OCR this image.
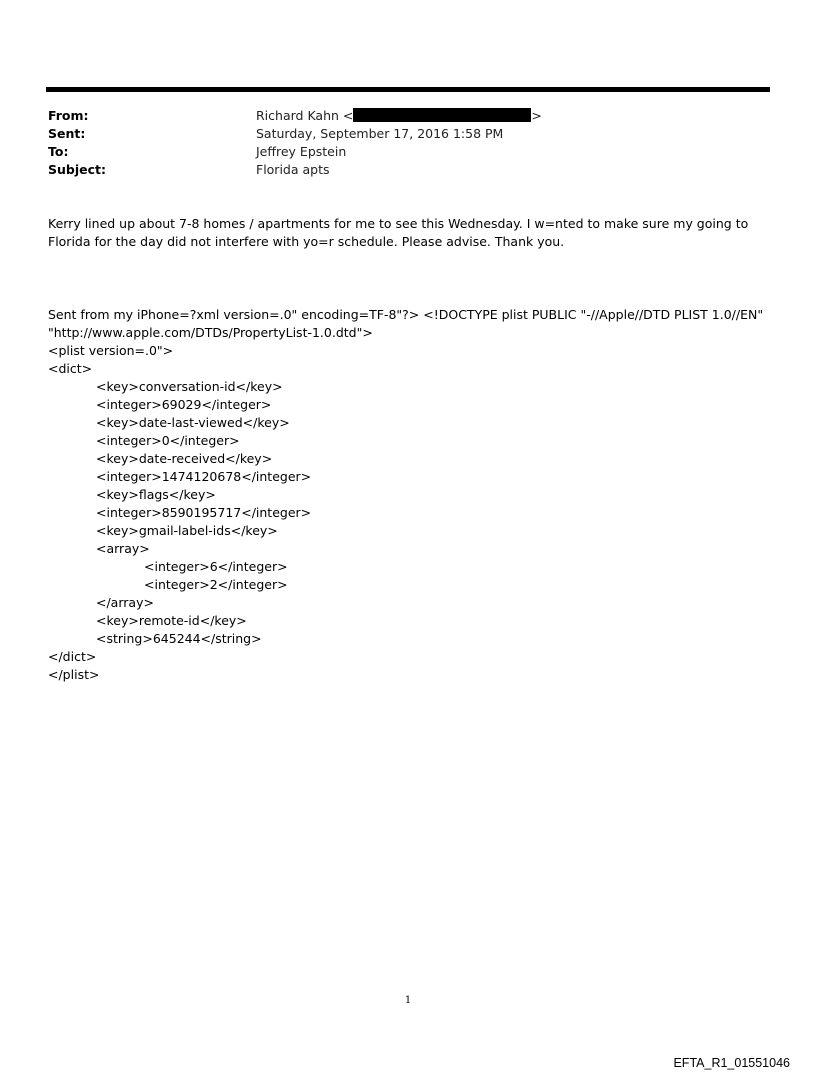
From:	Richard Kahn <	>
Sent:	Saturday, September 17, 2016 1:58 PM
To:	Jeffrey Epstein
Subject:	Florida apts
Kerry lined up about 7-8 homes / apartments for me to see this Wednesday. I w=nted to make sure my going to Florida for the day did not interfere with yo=r schedule. Please advise. Thank you.
Sent from my iPhone=?xml version=.0" encoding=TF-8"?> <!DOCTYPE plist PUBLIC "-//Apple//DTD PLIST 1.0//EN"
"http://www.apple.com/DTDs/PropertyList-1.0.dtd">
<plist version=.0">
<dict>
<key>conversation-id</key>
<integer>69029</integer>
<key>date-last-viewed</key>
<integer>0</integer>
<key>date-received</key>
<integer>1474120678</integer>
<key>flags</key>
<integer>8590195717</integer>
<key>gmail-label-ids</key>
<array>
<integer>6</integer>
<integer>2</integer>
</array>
<key>remote-id</key>
<string>645244</string>
</dict>
</plist>
1
EFTA_R1_01551046
